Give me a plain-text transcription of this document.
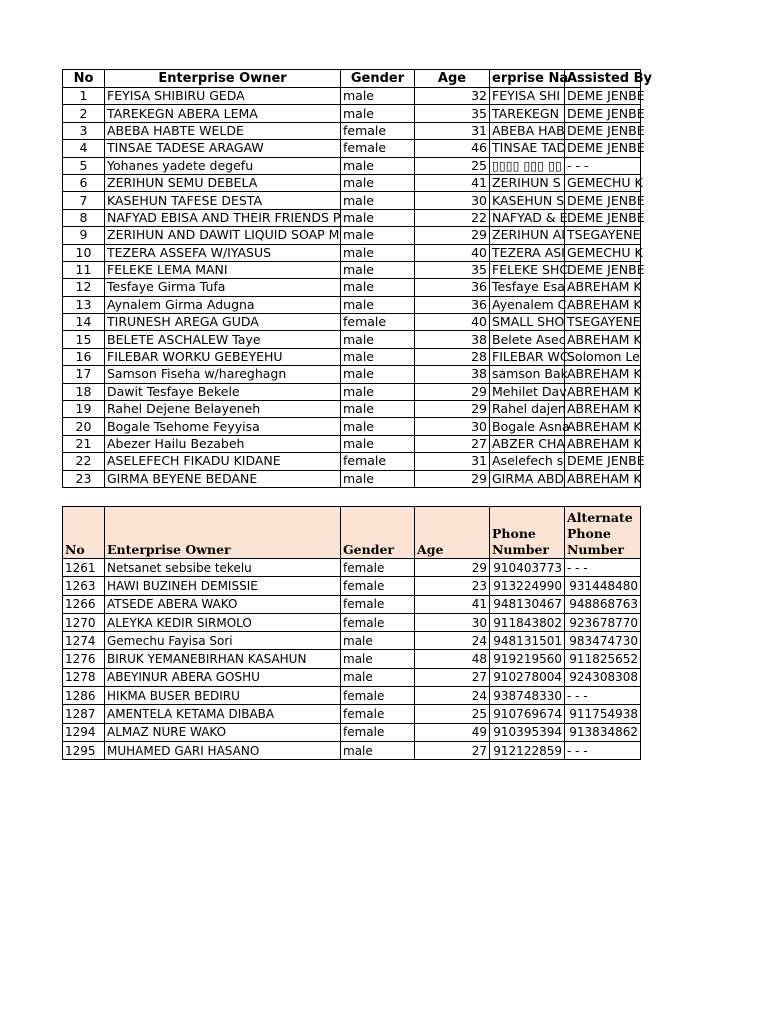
No	Enterprise Owner	Gender	Age	erprise Na	Assisted By
1	FEYISA SHIBIRU GEDA	male	32	FEYISA SHI	DEME JENBE
2	TAREKEGN ABERA LEMA	male	35	TAREKEGN	DEME JENBE
3	ABEBA HABTE WELDE	female	31	ABEBA HAB	DEME JENBE
4	TINSAE TADESE ARAGAW	female	46	TINSAE TAD	DEME JENBE
5	Yohanes yadete degefu	male	25	▯▯▯▯ ▯▯▯ ▯▯	- - -
6	ZERIHUN SEMU DEBELA	male	41	ZERIHUN S	GEMECHU K
7	KASEHUN TAFESE DESTA	male	30	KASEHUN S	DEME JENBE
8	NAFYAD EBISA AND THEIR FRIENDS P	male	22	NAFYAD & E	DEME JENBE
9	ZERIHUN AND DAWIT LIQUID SOAP M	male	29	ZERIHUN AI	TSEGAYENE
10	TEZERA ASSEFA W/IYASUS	male	40	TEZERA ASI	GEMECHU K
11	FELEKE LEMA MANI	male	35	FELEKE SHC	DEME JENBE
12	Tesfaye Girma Tufa	male	36	Tesfaye Esa	ABREHAM K
13	Aynalem Girma Adugna	male	36	Ayenalem C	ABREHAM K
14	TIRUNESH AREGA GUDA	female	40	SMALL SHO	TSEGAYENE
15	BELETE ASCHALEW Taye	male	38	Belete Asec	ABREHAM K
16	FILEBAR WORKU GEBEYEHU	male	28	FILEBAR WC	Solomon Le
17	Samson Fiseha w/hareghagn	male	38	samson Bak	ABREHAM K
18	Dawit Tesfaye Bekele	male	29	Mehilet Dav	ABREHAM K
19	Rahel Dejene Belayeneh	male	29	Rahel dajen	ABREHAM K
20	Bogale Tsehome Feyyisa	male	30	Bogale Asna	ABREHAM K
21	Abezer Hailu Bezabeh	male	27	ABZER CHA	ABREHAM K
22	ASELEFECH FIKADU KIDANE	female	31	Aselefech s	DEME JENBE
23	GIRMA BEYENE BEDANE	male	29	GIRMA ABD	ABREHAM K
No	Enterprise Owner	Gender	Age	Phone Number	Alternate Phone Number
1261	Netsanet sebsibe tekelu	female	29	910403773	- - -
1263	HAWI BUZINEH DEMISSIE	female	23	913224990	931448480
1266	ATSEDE ABERA WAKO	female	41	948130467	948868763
1270	ALEYKA KEDIR SIRMOLO	female	30	911843802	923678770
1274	Gemechu Fayisa Sori	male	24	948131501	983474730
1276	BIRUK YEMANEBIRHAN KASAHUN	male	48	919219560	911825652
1278	ABEYINUR ABERA GOSHU	male	27	910278004	924308308
1286	HIKMA BUSER BEDIRU	female	24	938748330	- - -
1287	AMENTELA KETAMA DIBABA	female	25	910769674	911754938
1294	ALMAZ NURE WAKO	female	49	910395394	913834862
1295	MUHAMED GARI HASANO	male	27	912122859	- - -
